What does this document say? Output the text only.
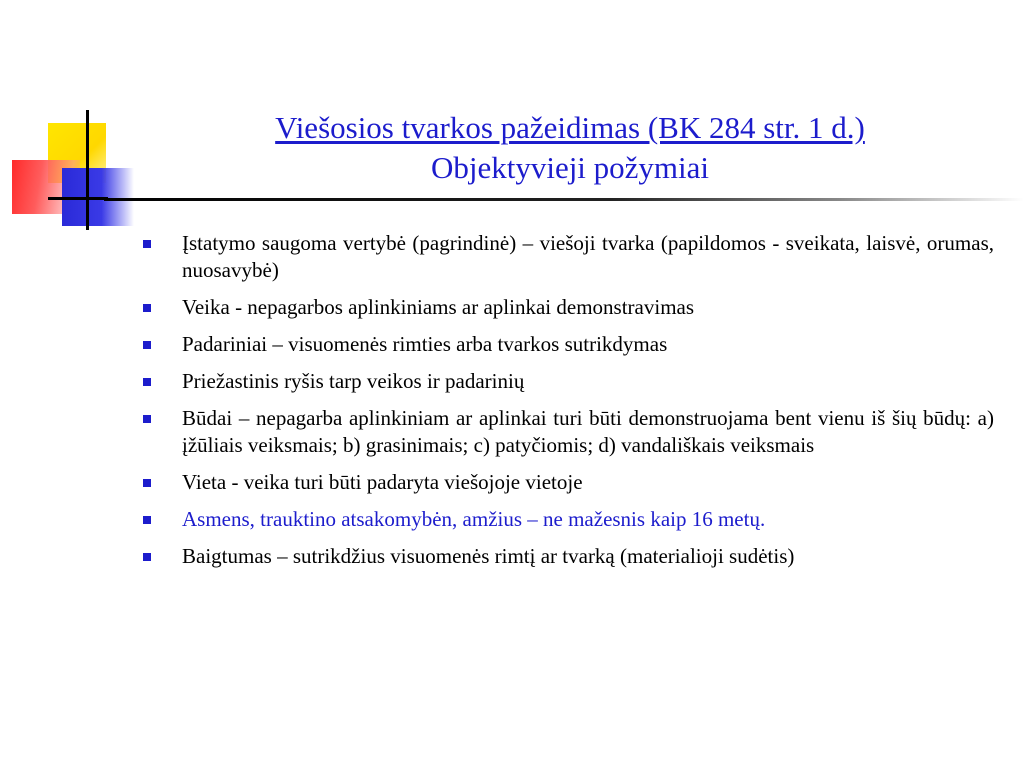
Viešosios tvarkos pažeidimas (BK 284 str. 1 d.)
Objektyvieji požymiai
Įstatymo saugoma vertybė (pagrindinė) – viešoji tvarka (papildomos - sveikata, laisvė, orumas, nuosavybė)
Veika - nepagarbos aplinkiniams ar aplinkai demonstravimas
Padariniai – visuomenės rimties arba tvarkos sutrikdymas
Priežastinis ryšis tarp veikos ir padarinių
Būdai – nepagarba aplinkiniam ar aplinkai turi būti demonstruojama bent vienu iš šių būdų: a) įžūliais veiksmais; b) grasinimais; c) patyčiomis; d) vandališkais veiksmais
Vieta - veika turi būti padaryta viešojoje vietoje
Asmens, trauktino atsakomybėn, amžius – ne mažesnis kaip 16 metų.
Baigtumas – sutrikdžius visuomenės rimtį ar tvarką (materialioji sudėtis)
